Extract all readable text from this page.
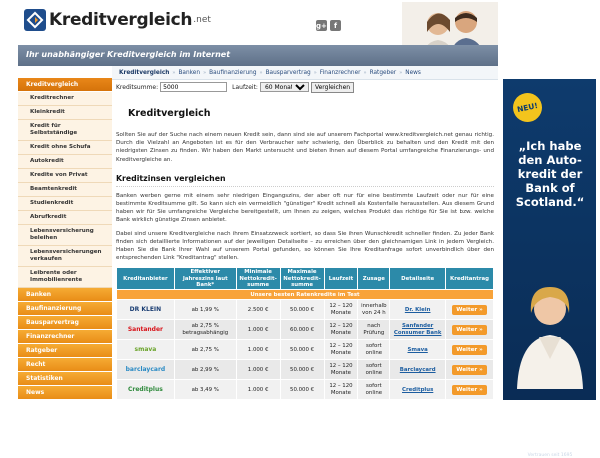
Kreditvergleich .net
g+	f
Ihr unabhängiger Kreditvergleich im Internet
Kreditvergleich » Banken » Baufinanzierung » Bausparvertrag » Finanzrechner » Ratgeber » News
Kreditvergleich
Kreditrechner
Kleinkredit
Kredit für Selbstständige
Kredit ohne Schufa
Autokredit
Kredite von Privat
Beamtenkredit
Studienkredit
Abrufkredit
Lebensversicherung beleihen
Lebensversicherungen verkaufen
Leibrente oder Immobilienrente
Banken
Baufinanzierung
Bausparvertrag
Finanzrechner
Ratgeber
Recht
Statistiken
News
Kreditsumme:
5000	Laufzeit:
60 Monate	Vergleichen
Kreditvergleich

Sollten Sie auf der Suche nach einem neuen Kredit sein, dann sind sie auf unserem Fachportal www.kreditvergleich.net genau richtig. Durch die Vielzahl an Angeboten ist es für den Verbraucher sehr schwierig, den Überblick zu behalten und den Kredit mit den niedrigsten Zinsen zu finden. Wir haben den Markt untersucht und bieten Ihnen auf diesem Portal umfangreiche Finanzierungs- und Kreditvergleiche an.

Kreditzinsen vergleichen

Banken werben gerne mit einem sehr niedrigen Eingangszins, der aber oft nur für eine bestimmte Laufzeit oder nur für eine bestimmte Kreditsumme gilt. So kann sich ein vermeidlich "günstiger" Kredit schnell als Kostenfalle herausstellen. Aus diesem Grund haben wir für Sie umfangreiche Vergleiche bereitgestellt, um Ihnen zu zeigen, welches Produkt das richtige für Sie ist bzw. welche Bank wirklich günstige Zinsen anbietet.

Dabei sind unsere Kreditvergleiche nach ihrem Einsatzzweck sortiert, so dass Sie ihren Wunschkredit schneller finden. Zu jeder Bank finden sich detaillierte Informationen auf der jeweiligen Detailseite – zu erreichen über den gleichnamigen Link in jedem Vergleich. Haben Sie die Bank Ihrer Wahl auf unserem Portal gefunden, so können Sie Ihre Kreditanfrage sofort unverbindlich über den entsprechenden Link "Kreditantrag" stellen.

Kreditanbieter	Effektiver Jahreszins laut Bank*	Minimale Nettokredit-summe	Maximale Nettokredit-summe	Laufzeit	Zusage	Detailseite	Kreditantrag
Unsere besten Ratenkredite im Test							
DR KLEIN	ab 1,99 %	2.500 €	50.000 €	12 – 120 Monate	innerhalb von 24 h	Dr. Klein	Weiter »
Santander	ab 2,75 % betragsabhängig	1.000 €	60.000 €	12 – 120 Monate	nach Prüfung	Sanfander Consumer Bank	Weiter »
smava	ab 2,75 %	1.000 €	50.000 €	12 – 120 Monate	sofort online	Smava	Weiter »
barclaycard	ab 2,99 %	1.000 €	50.000 €	12 – 120 Monate	sofort online	Barclaycard	Weiter »
Creditplus	ab 3,49 %	1.000 €	50.000 €	12 – 120 Monate	sofort online	Creditplus	Weiter »
NEU!
„Ich habe den Auto-kredit der Bank of Scotland.“
BANK OF SCOTLAND
Vertrauen seit 1695
